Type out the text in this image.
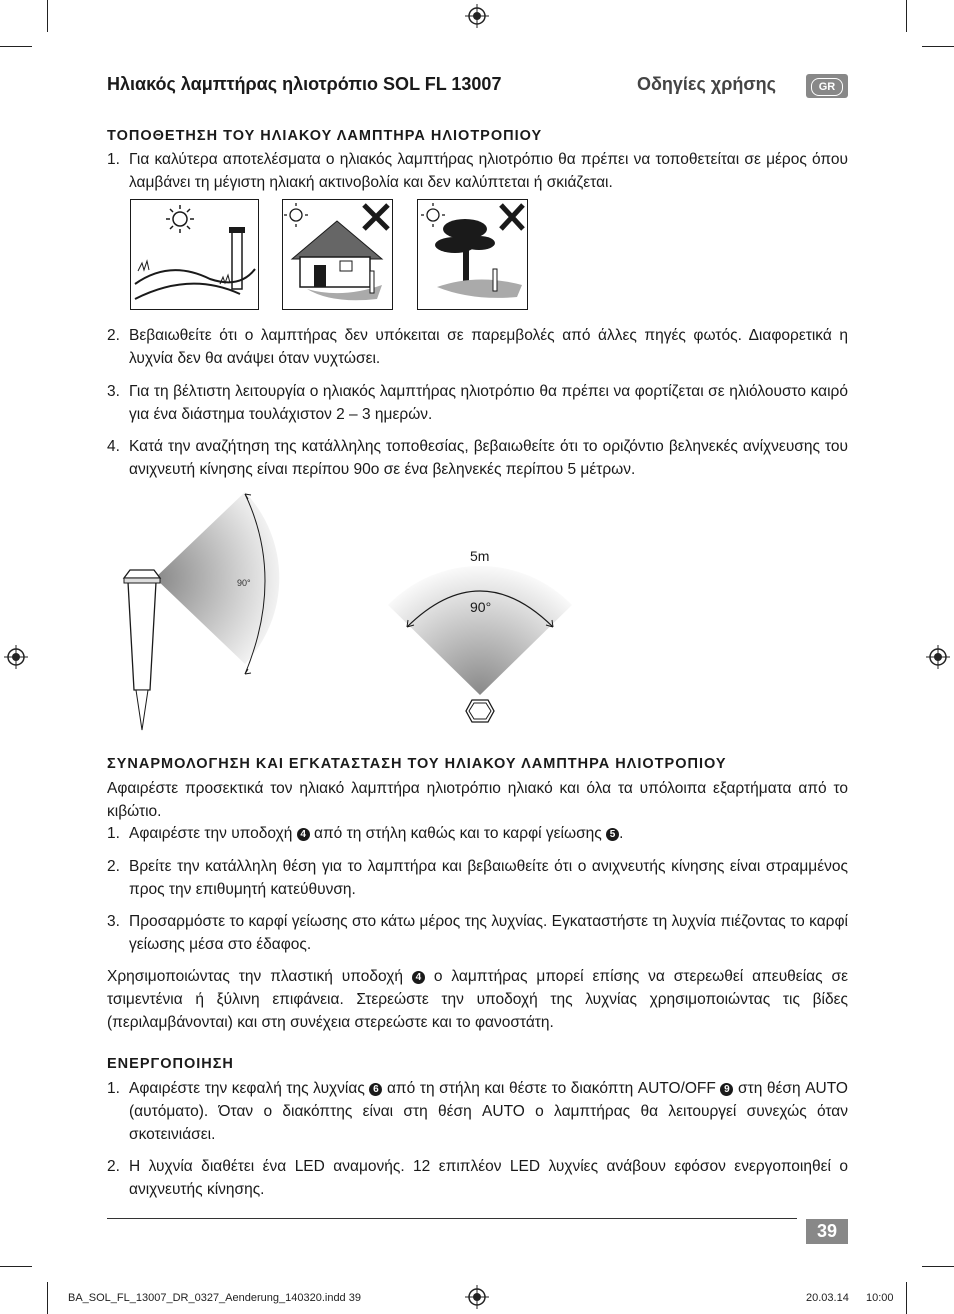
Ηλιακός λαμπτήρας ηλιοτρόπιο SOL FL 13007	Οδηγίες χρήσης	GR
ΤΟΠΟΘΕΤΗΣΗ ΤΟΥ ΗΛΙΑΚΟΥ ΛΑΜΠΤΗΡΑ ΗΛΙΟΤΡΟΠΙΟΥ
1. Για καλύτερα αποτελέσματα ο ηλιακός λαμπτήρας ηλιοτρόπιο θα πρέπει να τοποθετείται σε μέρος όπου λαμβάνει τη μέγιστη ηλιακή ακτινοβολία και δεν καλύπτεται ή σκιάζεται.
2. Βεβαιωθείτε ότι ο λαμπτήρας δεν υπόκειται σε παρεμβολές από άλλες πηγές φωτός. Διαφορετικά η λυχνία δεν θα ανάψει όταν νυχτώσει.
3. Για τη βέλτιστη λειτουργία ο ηλιακός λαμπτήρας ηλιοτρόπιο θα πρέπει να φορτίζεται σε ηλιόλουστο καιρό για ένα διάστημα τουλάχιστον 2 – 3 ημερών.
4. Κατά την αναζήτηση της κατάλληλης τοποθεσίας, βεβαιωθείτε ότι το οριζόντιο βεληνεκές ανίχνευσης του ανιχνευτή κίνησης είναι περίπου 90o σε ένα βεληνεκές περίπου 5 μέτρων.
90°
5m
90°
ΣΥΝΑΡΜΟΛΟΓΗΣΗ ΚΑΙ ΕΓΚΑΤΑΣΤΑΣΗ ΤΟΥ ΗΛΙΑΚΟΥ ΛΑΜΠΤΗΡΑ ΗΛΙΟΤΡΟΠΙΟΥ
Αφαιρέστε προσεκτικά τον ηλιακό λαμπτήρα ηλιοτρόπιο ηλιακό και όλα τα υπόλοιπα εξαρτήματα από το κιβώτιο.
1. Αφαιρέστε την υποδοχή 4 από τη στήλη καθώς και το καρφί γείωσης 5 .
2. Βρείτε την κατάλληλη θέση για το λαμπτήρα και βεβαιωθείτε ότι ο ανιχνευτής κίνησης είναι στραμμένος προς την επιθυμητή κατεύθυνση.
3. Προσαρμόστε το καρφί γείωσης στο κάτω μέρος της λυχνίας. Εγκαταστήστε τη λυχνία πιέζοντας το καρφί γείωσης μέσα στο έδαφος.
Χρησιμοποιώντας την πλαστική υποδοχή 4 ο λαμπτήρας μπορεί επίσης να στερεωθεί απευθείας σε τσιμεντένια ή ξύλινη επιφάνεια. Στερεώστε την υποδοχή της λυχνίας χρησιμοποιώντας τις βίδες (περιλαμβάνονται) και στη συνέχεια στερεώστε και το φανοστάτη.
ΕΝΕΡΓΟΠΟΙΗΣΗ
1. Αφαιρέστε την κεφαλή της λυχνίας 6 από τη στήλη και θέστε το διακόπτη AUTO/OFF 9 στη θέση AUTO (αυτόματο). Όταν ο διακόπτης είναι στη θέση AUTO ο λαμπτήρας θα λειτουργεί συνεχώς όταν σκοτεινιάσει.
2. Η λυχνία διαθέτει ένα LED αναμονής. 12 επιπλέον LED λυχνίες ανάβουν εφόσον ενεργοποιηθεί ο ανιχνευτής κίνησης.
39
BA_SOL_FL_13007_DR_0327_Aenderung_140320.indd 39	20.03.14 10:00
